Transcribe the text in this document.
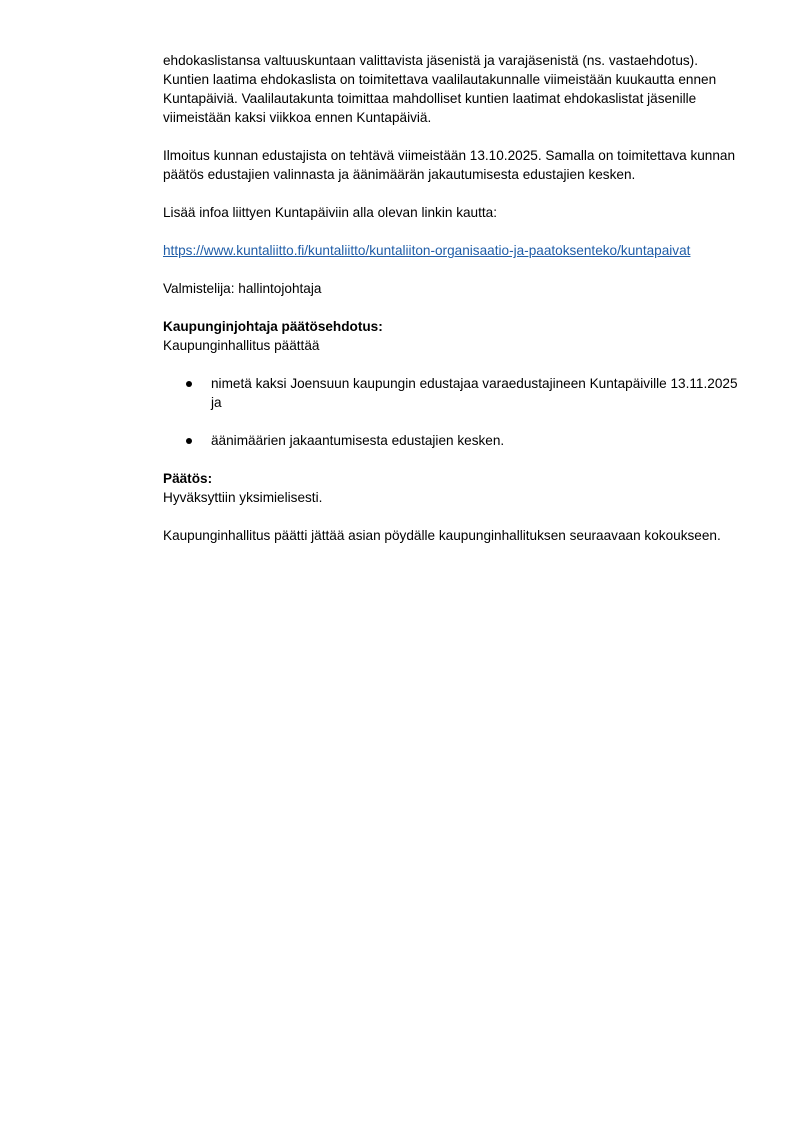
ehdokaslistansa valtuuskuntaan valittavista jäsenistä ja varajäsenistä (ns. vastaehdotus). Kuntien laatima ehdokaslista on toimitettava vaalilautakunnalle viimeistään kuukautta ennen Kuntapäiviä. Vaalilautakunta toimittaa mahdolliset kuntien laatimat ehdokaslistat jäsenille viimeistään kaksi viikkoa ennen Kuntapäiviä.

Ilmoitus kunnan edustajista on tehtävä viimeistään 13.10.2025. Samalla on toimitettava kunnan päätös edustajien valinnasta ja äänimäärän jakautumisesta edustajien kesken.

Lisää infoa liittyen Kuntapäiviin alla olevan linkin kautta:

https://www.kuntaliitto.fi/kuntaliitto/kuntaliiton-organisaatio-ja-paatoksenteko/kuntapaivat

Valmistelija: hallintojohtaja

Kaupunginjohtaja päätösehdotus:

Kaupunginhallitus päättää

nimetä kaksi Joensuun kaupungin edustajaa varaedustajineen Kuntapäiville 13.11.2025 ja
äänimäärien jakaantumisesta edustajien kesken.

Päätös:

Hyväksyttiin yksimielisesti.

Kaupunginhallitus päätti jättää asian pöydälle kaupunginhallituksen seuraavaan kokoukseen.
